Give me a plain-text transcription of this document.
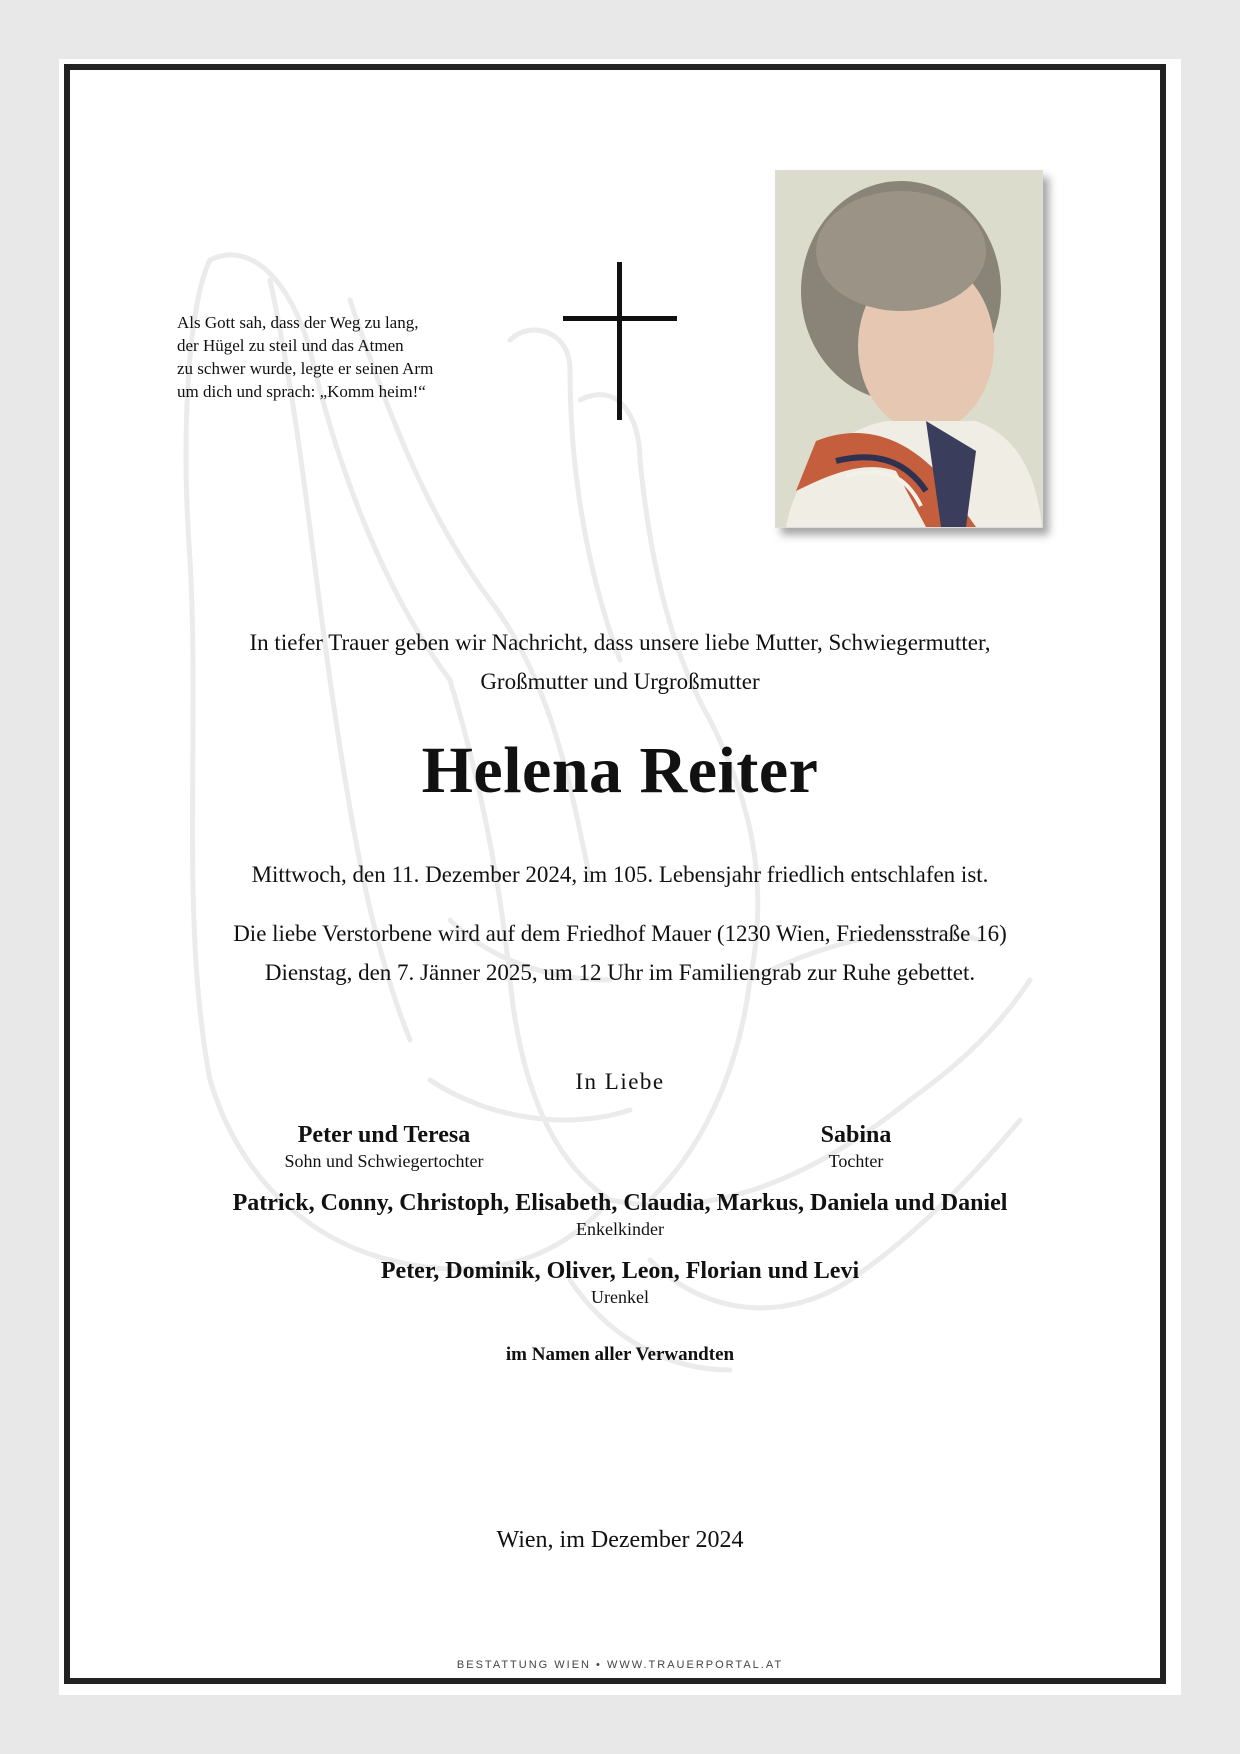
Als Gott sah, dass der Weg zu lang,
der Hügel zu steil und das Atmen
zu schwer wurde, legte er seinen Arm
um dich und sprach: „Komm heim!“
In tiefer Trauer geben wir Nachricht, dass unsere liebe Mutter, Schwiegermutter,
Großmutter und Urgroßmutter
Helena Reiter
Mittwoch, den 11. Dezember 2024, im 105. Lebensjahr friedlich entschlafen ist.
Die liebe Verstorbene wird auf dem Friedhof Mauer (1230 Wien, Friedensstraße 16)
Dienstag, den 7. Jänner 2025, um 12 Uhr im Familiengrab zur Ruhe gebettet.
In Liebe
Peter und Teresa
Sohn und Schwiegertochter
Sabina
Tochter
Patrick, Conny, Christoph, Elisabeth, Claudia, Markus, Daniela und Daniel
Enkelkinder
Peter, Dominik, Oliver, Leon, Florian und Levi
Urenkel
im Namen aller Verwandten
Wien, im Dezember 2024
BESTATTUNG WIEN • WWW.TRAUERPORTAL.AT
